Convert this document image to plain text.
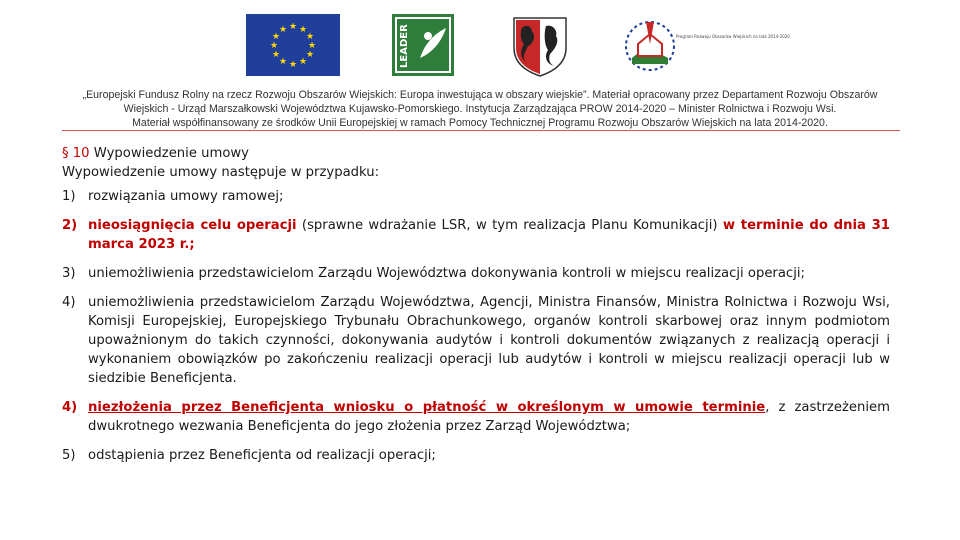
★ ★
★
★
★
★
★
★
★
★
★
★	LEADER	Program Rozwoju Obszarów Wiejskich na lata 2014-2020
„Europejski Fundusz Rolny na rzecz Rozwoju Obszarów Wiejskich: Europa inwestująca w obszary wiejskie”. Materiał opracowany przez Departament Rozwoju Obszarów
Wiejskich - Urząd Marszałkowski Województwa Kujawsko-Pomorskiego. Instytucja Zarządzająca PROW 2014-2020 – Minister Rolnictwa i Rozwoju Wsi.
Materiał współfinansowany ze środków Unii Europejskiej w ramach Pomocy Technicznej Programu Rozwoju Obszarów Wiejskich na lata 2014-2020.

§ 10 Wypowiedzenie umowy

Wypowiedzenie umowy następuje w przypadku:

1) rozwiązania umowy ramowej;
2) nieosiągnięcia celu operacji (sprawne wdrażanie LSR, w tym realizacja Planu Komunikacji) w terminie do dnia 31 marca 2023 r.;
3) uniemożliwienia przedstawicielom Zarządu Województwa dokonywania kontroli w miejscu realizacji operacji;
4) uniemożliwienia przedstawicielom Zarządu Województwa, Agencji, Ministra Finansów, Ministra Rolnictwa i Rozwoju Wsi, Komisji Europejskiej, Europejskiego Trybunału Obrachunkowego, organów kontroli skarbowej oraz innym podmiotom upoważnionym do takich czynności, dokonywania audytów i kontroli dokumentów związanych z realizacją operacji i wykonaniem obowiązków po zakończeniu realizacji operacji lub audytów i kontroli w miejscu realizacji operacji lub w siedzibie Beneficjenta.
4) niezłożenia przez Beneficjenta wniosku o płatność w określonym w umowie terminie, z zastrzeżeniem dwukrotnego wezwania Beneficjenta do jego złożenia przez Zarząd Województwa;
5) odstąpienia przez Beneficjenta od realizacji operacji;
